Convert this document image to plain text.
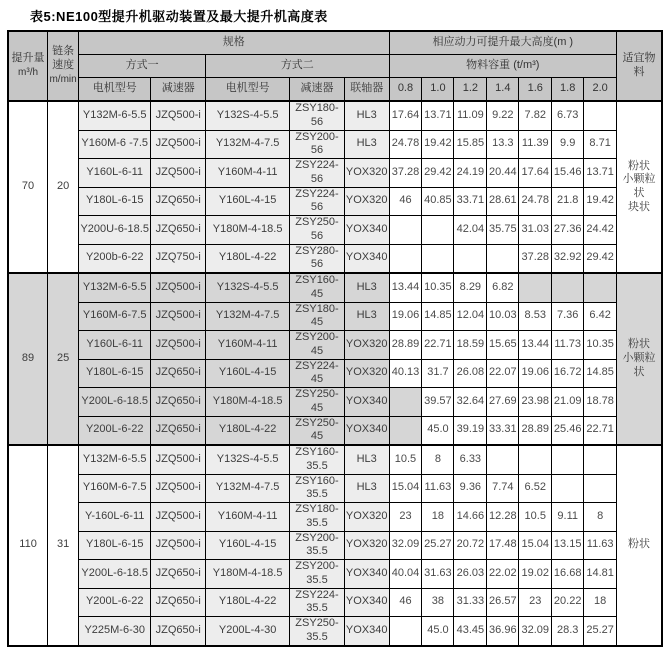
表5:NE100型提升机驱动装置及最大提升机高度表
提升量
m³/h	链条
速度
m/min	规格					相应动力可提升最大高度(m )							适宜物料
		方式一		方式二			物料容重 (t/m³)							
		电机型号	减速器	电机型号	减速器	联轴器	0.8	1.0	1.2	1.4	1.6	1.8	2.0	
70	20	Y132M-6-5.5	JZQ500-i	Y132S-4-5.5	ZSY180-56	HL3	17.64	13.71	11.09	9.22	7.82	6.73		粉状
小颗粒状
块状
		Y160M-6 -7.5	JZQ500-i	Y132M-4-7.5	ZSY200-56	HL3	24.78	19.42	15.85	13.3	11.39	9.9	8.71	
		Y160L-6-11	JZQ500-i	Y160M-4-11	ZSY224-56	YOX320	37.28	29.42	24.19	20.44	17.64	15.46	13.71	
		Y180L-6-15	JZQ650-i	Y160L-4-15	ZSY224-56	YOX320	46	40.85	33.71	28.61	24.78	21.8	19.42	
		Y200U-6-18.5	JZQ650-i	Y180M-4-18.5	ZSY250-56	YOX340			42.04	35.75	31.03	27.36	24.42	
		Y200b-6-22	JZQ750-i	Y180L-4-22	ZSY280-56	YOX340					37.28	32.92	29.42	
89	25	Y132M-6-5.5	JZQ500-i	Y132S-4-5.5	ZSY160-45	HL3	13.44	10.35	8.29	6.82				粉状
小颗粒状
		Y160M-6-7.5	JZQ500-i	Y132M-4-7.5	ZSY180-45	HL3	19.06	14.85	12.04	10.03	8.53	7.36	6.42	
		Y160L-6-11	JZQ500-i	Y160M-4-11	ZSY200-45	YOX320	28.89	22.71	18.59	15.65	13.44	11.73	10.35	
		Y180L-6-15	JZQ650-i	Y160L-4-15	ZSY224-45	YOX320	40.13	31.7	26.08	22.07	19.06	16.72	14.85	
		Y200L-6-18.5	JZQ650-i	Y180M-4-18.5	ZSY250-45	YOX340		39.57	32.64	27.69	23.98	21.09	18.78	
		Y200L-6-22	JZQ650-i	Y180L-4-22	ZSY250-45	YOX340		45.0	39.19	33.31	28.89	25.46	22.71	
110	31	Y132M-6-5.5	JZQ500-i	Y132S-4-5.5	ZSY160-35.5	HL3	10.5	8	6.33					粉状
		Y160M-6-7.5	JZQ500-i	Y132M-4-7.5	ZSY160-35.5	HL3	15.04	11.63	9.36	7.74	6.52			
		Y-160L-6-11	JZQ500-i	Y160M-4-11	ZSY180-35.5	YOX320	23	18	14.66	12.28	10.5	9.11	8	
		Y180L-6-15	JZQ500-i	Y160L-4-15	ZSY200-35.5	YOX320	32.09	25.27	20.72	17.48	15.04	13.15	11.63	
		Y200L-6-18.5	JZQ650-i	Y180M-4-18.5	ZSY200-35.5	YOX340	40.04	31.63	26.03	22.02	19.02	16.68	14.81	
		Y200L-6-22	JZQ650-i	Y180L-4-22	ZSY224-35.5	YOX340	46	38	31.33	26.57	23	20.22	18	
		Y225M-6-30	JZQ650-i	Y200L-4-30	ZSY250-35.5	YOX340		45.0	43.45	36.96	32.09	28.3	25.27	
